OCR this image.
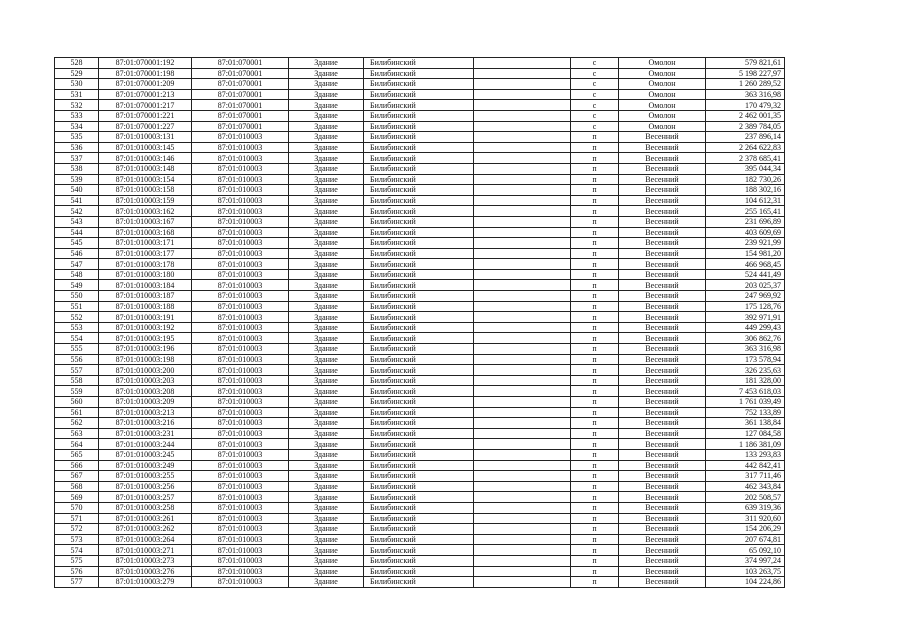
528	87:01:070001:192	87:01:070001	Здание	Билибинский		с	Омолон	579 821,61
529	87:01:070001:198	87:01:070001	Здание	Билибинский		с	Омолон	5 198 227,97
530	87:01:070001:209	87:01:070001	Здание	Билибинский		с	Омолон	1 260 289,52
531	87:01:070001:213	87:01:070001	Здание	Билибинский		с	Омолон	363 316,98
532	87:01:070001:217	87:01:070001	Здание	Билибинский		с	Омолон	170 479,32
533	87:01:070001:221	87:01:070001	Здание	Билибинский		с	Омолон	2 462 001,35
534	87:01:070001:227	87:01:070001	Здание	Билибинский		с	Омолон	2 389 784,05
535	87:01:010003:131	87:01:010003	Здание	Билибинский		п	Весенний	237 896,14
536	87:01:010003:145	87:01:010003	Здание	Билибинский		п	Весенний	2 264 622,83
537	87:01:010003:146	87:01:010003	Здание	Билибинский		п	Весенний	2 378 685,41
538	87:01:010003:148	87:01:010003	Здание	Билибинский		п	Весенний	395 044,34
539	87:01:010003:154	87:01:010003	Здание	Билибинский		п	Весенний	182 730,26
540	87:01:010003:158	87:01:010003	Здание	Билибинский		п	Весенний	188 302,16
541	87:01:010003:159	87:01:010003	Здание	Билибинский		п	Весенний	104 612,31
542	87:01:010003:162	87:01:010003	Здание	Билибинский		п	Весенний	255 165,41
543	87:01:010003:167	87:01:010003	Здание	Билибинский		п	Весенний	231 696,89
544	87:01:010003:168	87:01:010003	Здание	Билибинский		п	Весенний	403 609,69
545	87:01:010003:171	87:01:010003	Здание	Билибинский		п	Весенний	239 921,99
546	87:01:010003:177	87:01:010003	Здание	Билибинский		п	Весенний	154 981,20
547	87:01:010003:178	87:01:010003	Здание	Билибинский		п	Весенний	466 968,45
548	87:01:010003:180	87:01:010003	Здание	Билибинский		п	Весенний	524 441,49
549	87:01:010003:184	87:01:010003	Здание	Билибинский		п	Весенний	203 025,37
550	87:01:010003:187	87:01:010003	Здание	Билибинский		п	Весенний	247 969,92
551	87:01:010003:188	87:01:010003	Здание	Билибинский		п	Весенний	175 128,76
552	87:01:010003:191	87:01:010003	Здание	Билибинский		п	Весенний	392 971,91
553	87:01:010003:192	87:01:010003	Здание	Билибинский		п	Весенний	449 299,43
554	87:01:010003:195	87:01:010003	Здание	Билибинский		п	Весенний	306 862,76
555	87:01:010003:196	87:01:010003	Здание	Билибинский		п	Весенний	363 316,98
556	87:01:010003:198	87:01:010003	Здание	Билибинский		п	Весенний	173 578,94
557	87:01:010003:200	87:01:010003	Здание	Билибинский		п	Весенний	326 235,63
558	87:01:010003:203	87:01:010003	Здание	Билибинский		п	Весенний	181 328,00
559	87:01:010003:208	87:01:010003	Здание	Билибинский		п	Весенний	7 453 618,03
560	87:01:010003:209	87:01:010003	Здание	Билибинский		п	Весенний	1 761 039,49
561	87:01:010003:213	87:01:010003	Здание	Билибинский		п	Весенний	752 133,89
562	87:01:010003:216	87:01:010003	Здание	Билибинский		п	Весенний	361 138,84
563	87:01:010003:231	87:01:010003	Здание	Билибинский		п	Весенний	127 084,58
564	87:01:010003:244	87:01:010003	Здание	Билибинский		п	Весенний	1 186 381,09
565	87:01:010003:245	87:01:010003	Здание	Билибинский		п	Весенний	133 293,83
566	87:01:010003:249	87:01:010003	Здание	Билибинский		п	Весенний	442 842,41
567	87:01:010003:255	87:01:010003	Здание	Билибинский		п	Весенний	317 711,46
568	87:01:010003:256	87:01:010003	Здание	Билибинский		п	Весенний	462 343,84
569	87:01:010003:257	87:01:010003	Здание	Билибинский		п	Весенний	202 508,57
570	87:01:010003:258	87:01:010003	Здание	Билибинский		п	Весенний	639 319,36
571	87:01:010003:261	87:01:010003	Здание	Билибинский		п	Весенний	311 920,60
572	87:01:010003:262	87:01:010003	Здание	Билибинский		п	Весенний	154 206,29
573	87:01:010003:264	87:01:010003	Здание	Билибинский		п	Весенний	207 674,81
574	87:01:010003:271	87:01:010003	Здание	Билибинский		п	Весенний	65 092,10
575	87:01:010003:273	87:01:010003	Здание	Билибинский		п	Весенний	374 997,24
576	87:01:010003:276	87:01:010003	Здание	Билибинский		п	Весенний	103 263,75
577	87:01:010003:279	87:01:010003	Здание	Билибинский		п	Весенний	104 224,86
